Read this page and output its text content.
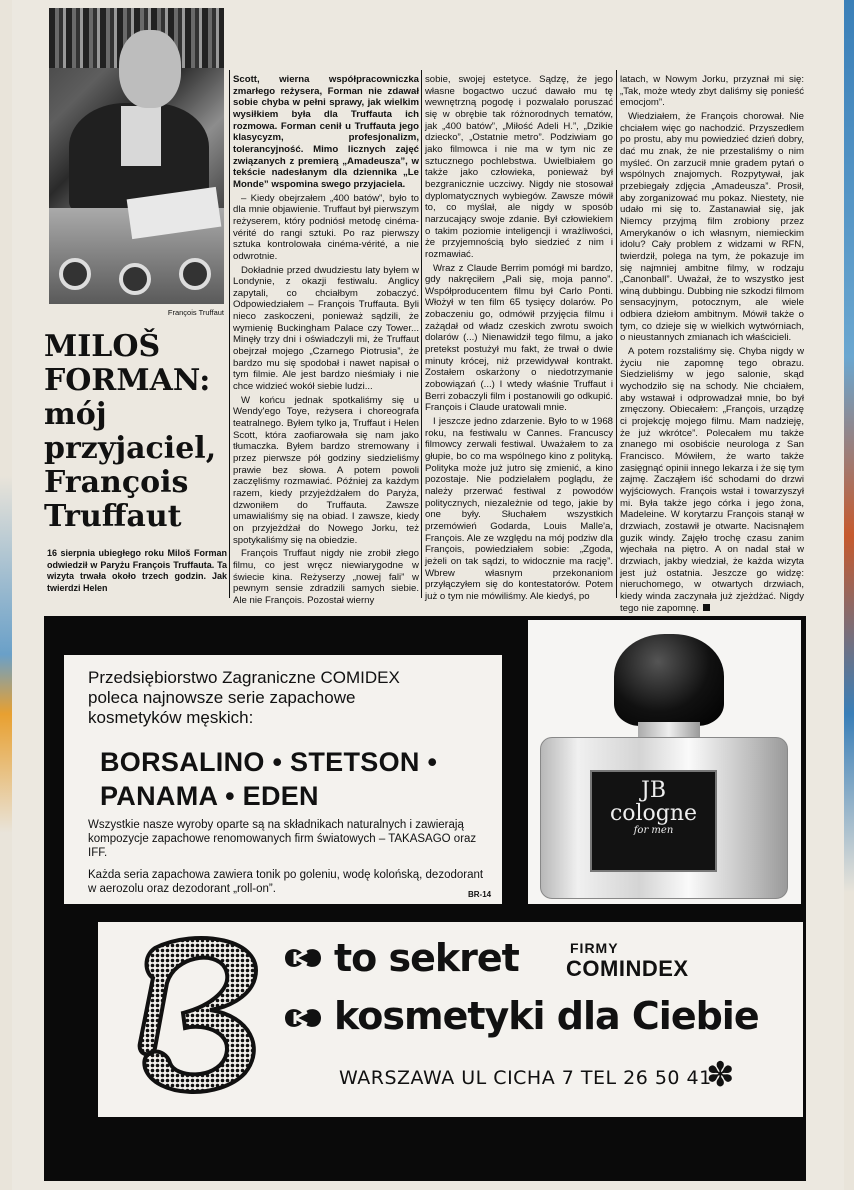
François Truffaut
MILOŠ
FORMAN:
mój
przyjaciel,
François
Truffaut
16 sierpnia ubiegłego roku Miloš Forman odwiedził w Paryżu François Truffauta. Ta wizyta trwała około trzech godzin. Jak twierdzi Helen

Scott, wierna współpracowniczka zmarłego reżysera, Forman nie zdawał sobie chyba w pełni sprawy, jak wielkim wysiłkiem była dla Truffauta ich rozmowa. Forman cenił u Truffauta jego klasycyzm, profesjonalizm, tolerancyjność. Mimo licznych zajęć związanych z premierą „Amadeusza”, w tekście nadesłanym dla dziennika „Le Monde” wspomina swego przyjaciela.

– Kiedy obejrzałem „400 batów”, było to dla mnie objawienie. Truffaut był pierwszym reżyserem, który podniósł metodę cinéma-vérité do rangi sztuki. Po raz pierwszy sztuka kontrolowała cinéma-vérité, a nie odwrotnie.

Dokładnie przed dwudziestu laty byłem w Londynie, z okazji festiwalu. Anglicy zapytali, co chciałbym zobaczyć. Odpowiedziałem – François Truffauta. Byli nieco zaskoczeni, ponieważ sądzili, że wymienię Buckingham Palace czy Tower... Minęły trzy dni i oświadczyli mi, że Truffaut obejrzał mojego „Czarnego Piotrusia”, że bardzo mu się spodobał i nawet napisał o tym filmie. Ale jest bardzo nieśmiały i nie chce widzieć wokół siebie ludzi...

W końcu jednak spotkaliśmy się u Wendy'ego Toye, reżysera i choreografa teatralnego. Byłem tylko ja, Truffaut i Helen Scott, która zaofiarowała się nam jako tłumaczka. Byłem bardzo stremowany i przez pierwsze pół godziny siedzieliśmy prawie bez słowa. A potem powoli zaczęliśmy rozmawiać. Później za każdym razem, kiedy przyjeżdżałem do Paryża, dzwoniłem do Truffauta. Zawsze umawialiśmy się na obiad. I zawsze, kiedy on przyjeżdżał do Nowego Jorku, też spotykaliśmy się na obiedzie.

François Truffaut nigdy nie zrobił złego filmu, co jest wręcz niewiarygodne w świecie kina. Reżyserzy „nowej fali” w pewnym sensie zdradzili samych siebie. Ale nie François. Pozostał wierny

sobie, swojej estetyce. Sądzę, że jego własne bogactwo uczuć dawało mu tę wewnętrzną pogodę i pozwalało poruszać się w obrębie tak różnorodnych tematów, jak „400 batów”, „Miłość Adeli H.”, „Dzikie dziecko”, „Ostatnie metro”. Podziwiam go jako filmowca i nie ma w tym nic ze sztucznego pochlebstwa. Uwielbiałem go także jako człowieka, ponieważ był bezgranicznie uczciwy. Nigdy nie stosował dyplomatycznych wybiegów. Zawsze mówił to, co myślał, ale nigdy w sposób narzucający swoje zdanie. Był człowiekiem o takim poziomie inteligencji i wrażliwości, że przyjemnością było siedzieć z nim i rozmawiać.

Wraz z Claude Berrim pomógł mi bardzo, gdy nakręciłem „Pali się, moja panno”. Współproducentem filmu był Carlo Ponti. Włożył w ten film 65 tysięcy dolarów. Po zobaczeniu go, odmówił przyjęcia filmu i zażądał od władz czeskich zwrotu swoich dolarów (...) Nienawidził tego filmu, a jako pretekst postużył mu fakt, że trwał o dwie minuty krócej, niż przewidywał kontrakt. Zostałem oskarżony o niedotrzymanie zobowiązań (...) I wtedy właśnie Truffaut i Berri zobaczyli film i postanowili go odkupić. François i Claude uratowali mnie.

I jeszcze jedno zdarzenie. Było to w 1968 roku, na festiwalu w Cannes. Francuscy filmowcy zerwali festiwal. Uważałem to za głupie, bo co ma wspólnego kino z polityką. Polityka może już jutro się zmienić, a kino pozostaje. Nie podzielałem poglądu, że należy przerwać festiwal z powodów politycznych, niezależnie od tego, jakie by one były. Słuchałem wszystkich przemówień Godarda, Louis Malle'a, François. Ale ze względu na mój podziw dla François, powiedziałem sobie: „Zgoda, jeżeli on tak sądzi, to widocznie ma rację”. Wbrew własnym przekonaniom przyłączyłem się do kontestatorów. Potem już o tym nie mówiliśmy. Ale kiedyś, po

latach, w Nowym Jorku, przyznał mi się: „Tak, może wtedy zbyt daliśmy się ponieść emocjom”.

Wiedziałem, że François chorował. Nie chciałem więc go nachodzić. Przyszedłem po prostu, aby mu powiedzieć dzień dobry, dać mu znak, że nie przestaliśmy o nim myśleć. On zarzucił mnie gradem pytań o wspólnych znajomych. Rozpytywał, jak przebiegały zdjęcia „Amadeusza”. Prosił, aby zorganizować mu pokaz. Niestety, nie udało mi się to. Zastanawiał się, jak Niemcy przyjmą film zrobiony przez Amerykanów o ich własnym, niemieckim idolu? Cały problem z widzami w RFN, twierdził, polega na tym, że pokazuje im się najmniej ambitne filmy, w rodzaju „Canonball”. Uważał, że to wszystko jest winą dubbingu. Dubbing nie szkodzi filmom sensacyjnym, potocznym, ale wiele odbiera dziełom ambitnym. Mówił także o tym, co dzieje się w wielkich wytwórniach, o nieustannych zmianach ich właścicieli.

A potem rozstaliśmy się. Chyba nigdy w życiu nie zapomnę tego obrazu. Siedzieliśmy w jego salonie, skąd wychodziło się na schody. Nie chciałem, aby wstawał i odprowadzał mnie, bo był zmęczony. Obiecałem: „François, urządzę ci projekcję mojego filmu. Mam nadzieję, że już wkrótce”. Polecałem mu także znanego mi osobiście neurologa z San Francisco. Mówiłem, że warto także zasięgnąć opinii innego lekarza i że się tym zajmę. Zacząłem iść schodami do drzwi wyjściowych. François wstał i towarzyszył mi. Była także jego córka i jego żona, Madeleine. W korytarzu François stanął w drzwiach, zostawił je otwarte. Nacisnąłem guzik windy. Zajęło trochę czasu zanim wjechała na piętro. A on nadal stał w drzwiach, jakby wiedział, że każda wizyta jest już ostatnia. Jeszcze go widzę: nieruchomego, w otwartych drzwiach, kiedy winda zaczynała już zjeżdżać. Nigdy tego nie zapomnę.

Przedsiębiorstwo Zagraniczne COMIDEX
poleca najnowsze serie zapachowe
kosmetyków męskich:
BORSALINO • STETSON •
PANAMA • EDEN
Wszystkie nasze wyroby oparte są na składnikach naturalnych i zawierają kompozycje zapachowe renomowanych firm światowych – TAKASAGO oraz IFF.
Każda seria zapachowa zawiera tonik po goleniu, wodę kolońską, dezodorant w aerozolu oraz dezodorant „roll-on”.	BR-14
JB
cologne
for men
to sekret
kosmetyki dla Ciebie
FIRMY
COMINDEX
WARSZAWA UL CICHA 7 TEL 26 50 41
✽
